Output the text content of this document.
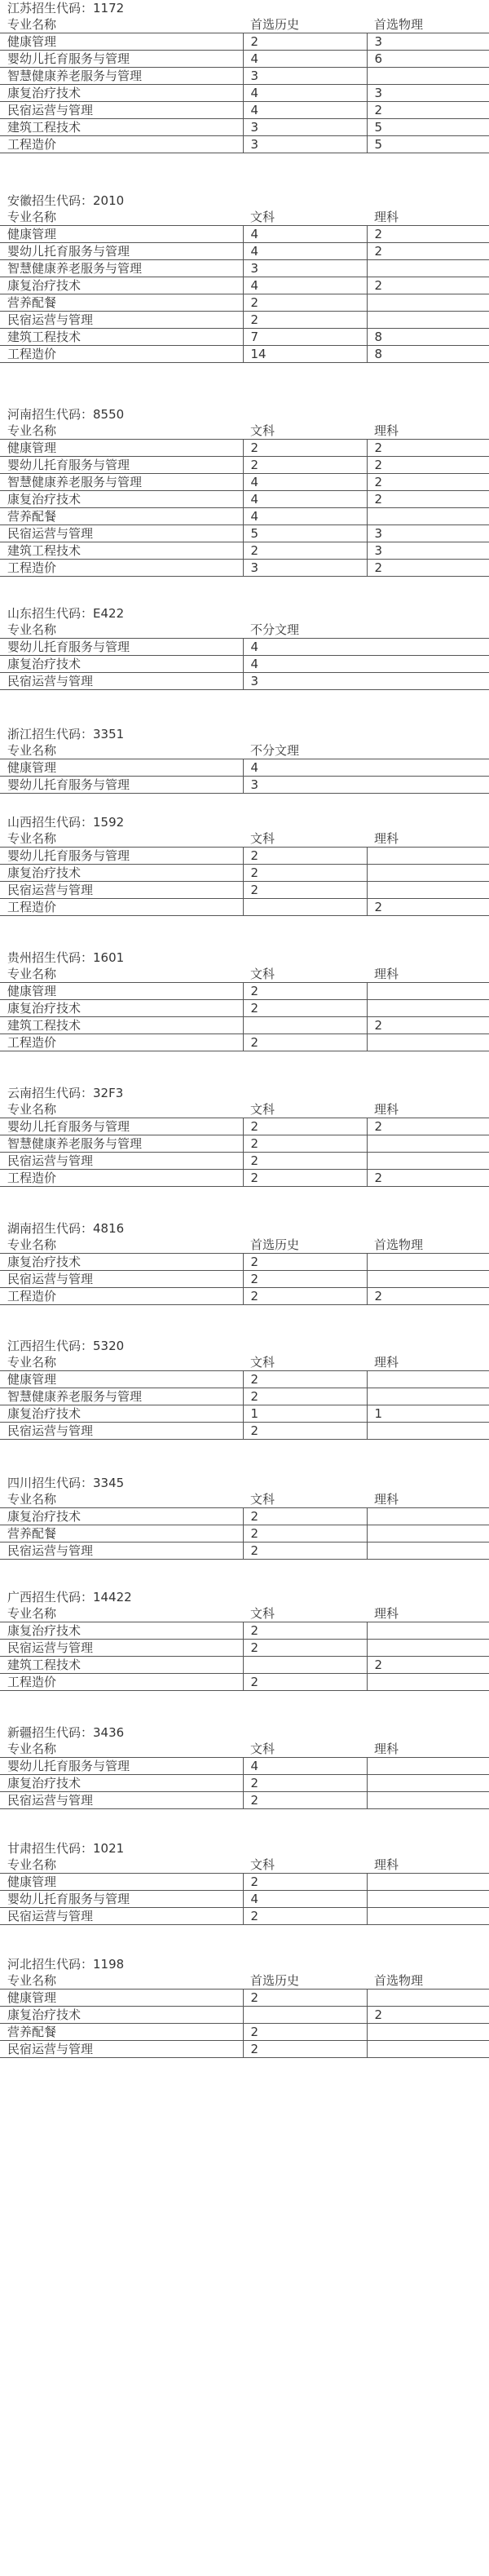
江苏招生代码：1172
专业名称	首选历史	首选物理
健康管理	2	3
婴幼儿托育服务与管理	4	6
智慧健康养老服务与管理	3	
康复治疗技术	4	3
民宿运营与管理	4	2
建筑工程技术	3	5
工程造价	3	5
安徽招生代码：2010
专业名称	文科	理科
健康管理	4	2
婴幼儿托育服务与管理	4	2
智慧健康养老服务与管理	3	
康复治疗技术	4	2
营养配餐	2	
民宿运营与管理	2	
建筑工程技术	7	8
工程造价	14	8
河南招生代码：8550
专业名称	文科	理科
健康管理	2	2
婴幼儿托育服务与管理	2	2
智慧健康养老服务与管理	4	2
康复治疗技术	4	2
营养配餐	4	
民宿运营与管理	5	3
建筑工程技术	2	3
工程造价	3	2
山东招生代码：E422
专业名称	不分文理
婴幼儿托育服务与管理	4
康复治疗技术	4
民宿运营与管理	3
浙江招生代码：3351
专业名称	不分文理
健康管理	4
婴幼儿托育服务与管理	3
山西招生代码：1592
专业名称	文科	理科
婴幼儿托育服务与管理	2	
康复治疗技术	2	
民宿运营与管理	2	
工程造价		2
贵州招生代码：1601
专业名称	文科	理科
健康管理	2	
康复治疗技术	2	
建筑工程技术		2
工程造价	2	
云南招生代码：32F3
专业名称	文科	理科
婴幼儿托育服务与管理	2	2
智慧健康养老服务与管理	2	
民宿运营与管理	2	
工程造价	2	2
湖南招生代码：4816
专业名称	首选历史	首选物理
康复治疗技术	2	
民宿运营与管理	2	
工程造价	2	2
江西招生代码：5320
专业名称	文科	理科
健康管理	2	
智慧健康养老服务与管理	2	
康复治疗技术	1	1
民宿运营与管理	2	
四川招生代码：3345
专业名称	文科	理科
康复治疗技术	2	
营养配餐	2	
民宿运营与管理	2	
广西招生代码：14422
专业名称	文科	理科
康复治疗技术	2	
民宿运营与管理	2	
建筑工程技术		2
工程造价	2	
新疆招生代码：3436
专业名称	文科	理科
婴幼儿托育服务与管理	4	
康复治疗技术	2	
民宿运营与管理	2	
甘肃招生代码：1021
专业名称	文科	理科
健康管理	2	
婴幼儿托育服务与管理	4	
民宿运营与管理	2	
河北招生代码：1198
专业名称	首选历史	首选物理
健康管理	2	
康复治疗技术		2
营养配餐	2	
民宿运营与管理	2	
